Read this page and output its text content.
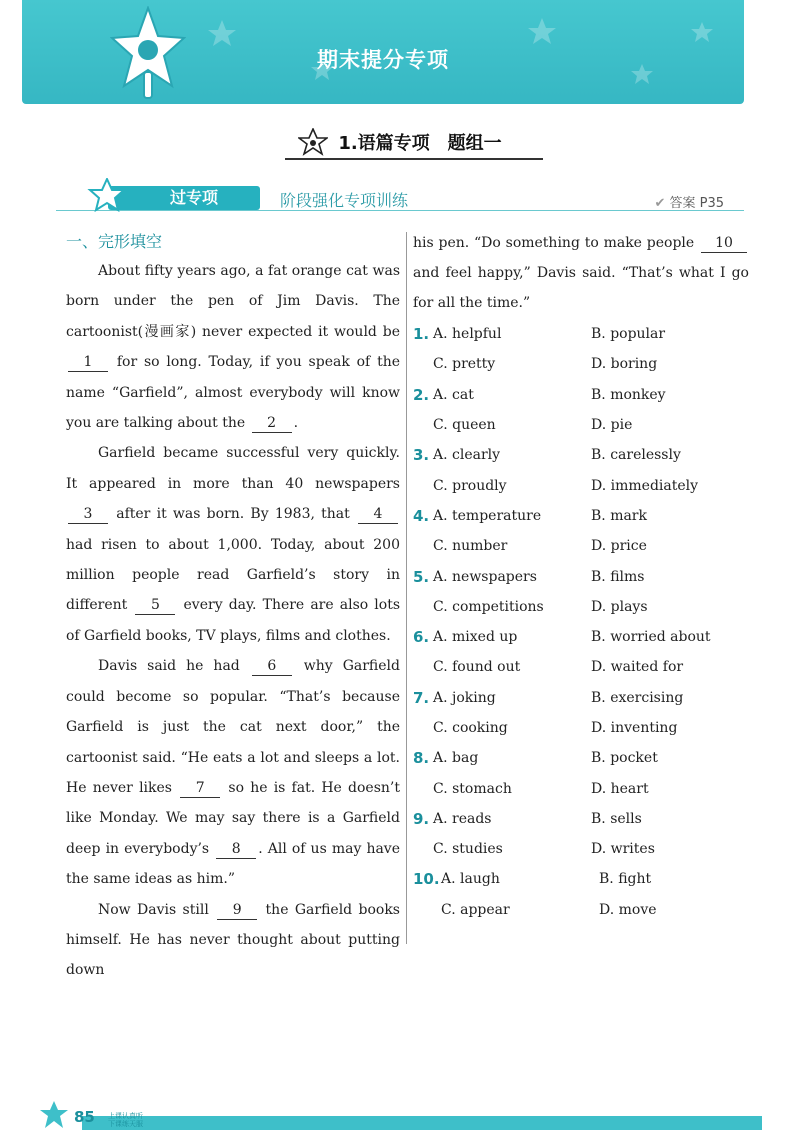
期末提分专项
1.语篇专项　题组一
过专项	阶段强化专项训练	✔ 答案 P35
一、完形填空

About fifty years ago, a fat orange cat was born under the pen of Jim Davis. The cartoonist(漫画家) never expected it would be 1 for so long. Today, if you speak of the name “Garfield”, almost everybody will know you are talking about the 2 .

Garfield became successful very quickly. It appeared in more than 40 newspapers 3 after it was born. By 1983, that 4 had risen to about 1,000. Today, about 200 million people read Garfield’s story in different 5 every day. There are also lots of Garfield books, TV plays, films and clothes.

Davis said he had 6 why Garfield could become so popular. “That’s because Garfield is just the cat next door,” the cartoonist said. “He eats a lot and sleeps a lot. He never likes 7 so he is fat. He doesn’t like Monday. We may say there is a Garfield deep in everybody’s 8 . All of us may have the same ideas as him.”

Now Davis still 9 the Garfield books himself. He has never thought about putting down

his pen. “Do something to make people 10 and feel happy,” Davis said. “That’s what I go for all the time.”

1. A. helpful	B. popular
C. pretty	D. boring
2. A. cat	B. monkey
C. queen	D. pie
3. A. clearly	B. carelessly
C. proudly	D. immediately
4. A. temperature	B. mark
C. number	D. price
5. A. newspapers	B. films
C. competitions	D. plays
6. A. mixed up	B. worried about
C. found out	D. waited for
7. A. joking	B. exercising
C. cooking	D. inventing
8. A. bag	B. pocket
C. stomach	D. heart
9. A. reads	B. sells
C. studies	D. writes
10. A. laugh	B. fight
C. appear	D. move
85 上课认真听
下课练天服
